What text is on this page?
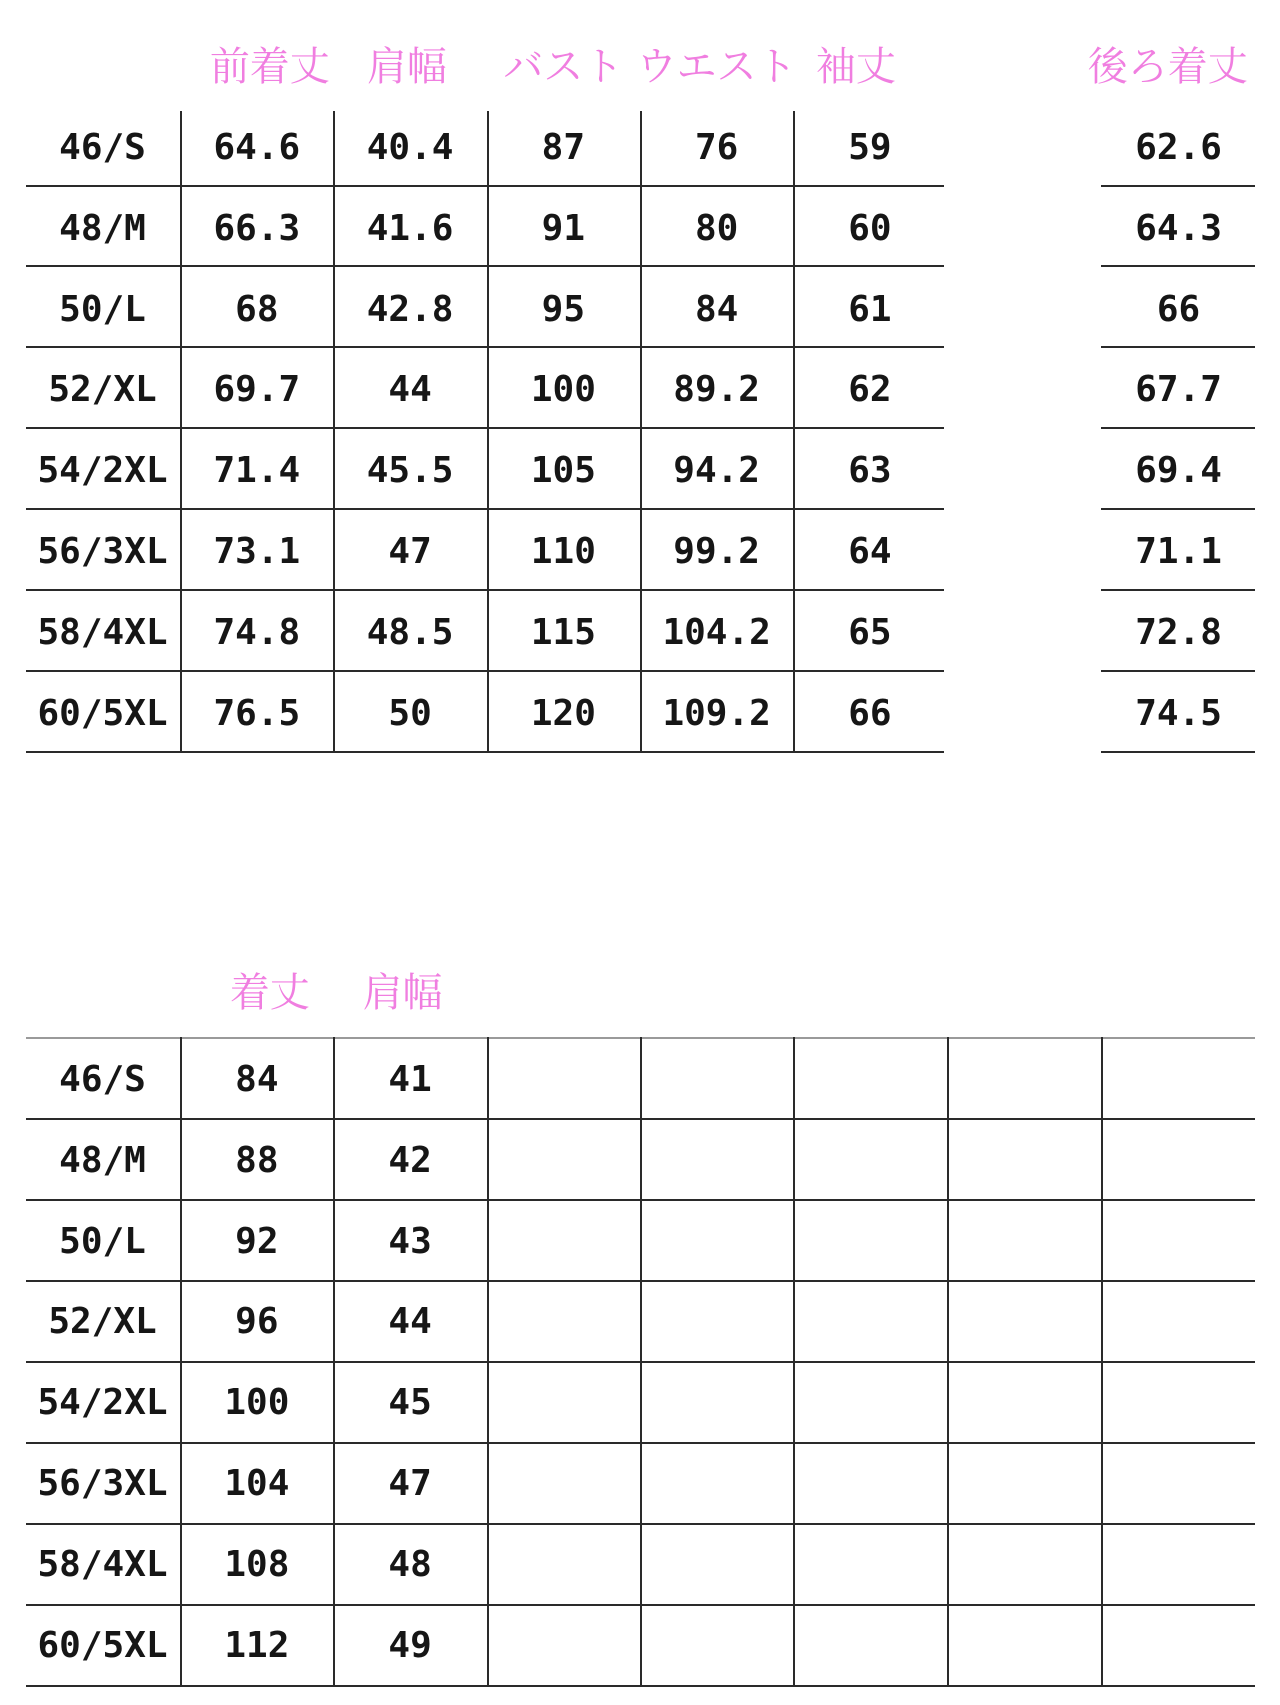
前着丈 肩幅 バスト ウエスト 袖丈	後ろ着丈
46/S 64.6 40.4 87	76	59	62.6
48/M 66.3 41.6 91	80	60	64.3
50/L 68 42.8 95	84	61	66
52/XL 69.7 44	100 89.2 62	67.7
54/2XL 71.4 45.5 105 94.2 63	69.4
56/3XL 73.1 47	110 99.2 64	71.1
58/4XL 74.8 48.5 115 104.2 65	72.8
60/5XL 76.5 50	120 109.2 66	74.5
着丈 肩幅
46/S 84	41
48/M 88	42
50/L 92	43
52/XL 96	44
54/2XL 100	45
56/3XL 104	47
58/4XL 108	48
60/5XL 112	49
